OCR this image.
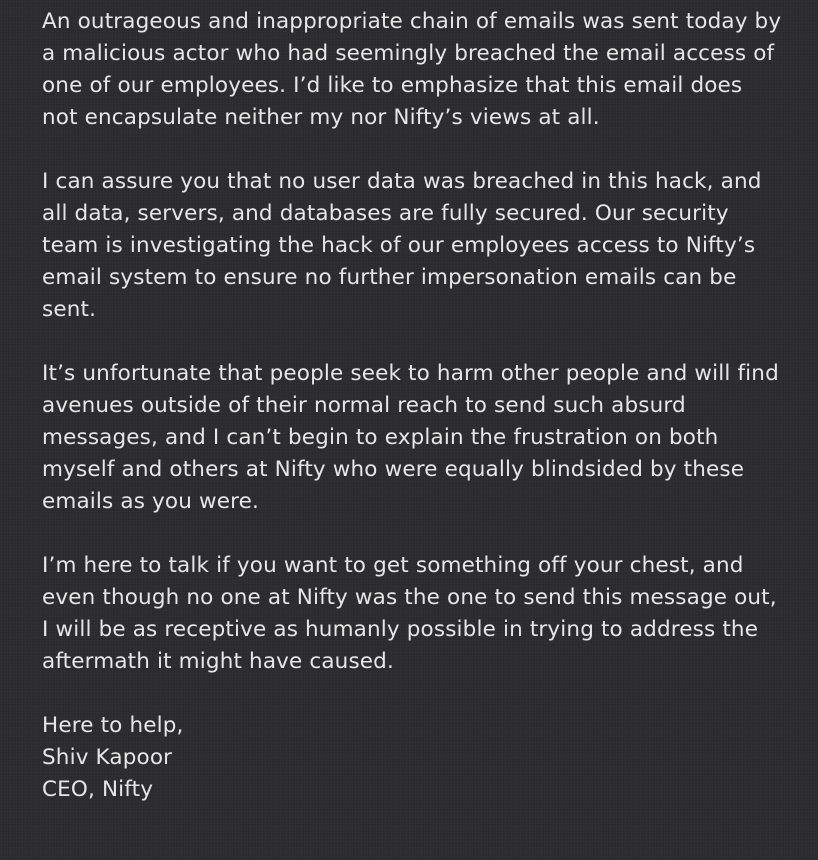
An outrageous and inappropriate chain of emails was sent today by a malicious actor who had seemingly breached the email access of one of our employees. I’d like to emphasize that this email does not encapsulate neither my nor Nifty’s views at all.

I can assure you that no user data was breached in this hack, and all data, servers, and databases are fully secured. Our security team is investigating the hack of our employees access to Nifty’s email system to ensure no further impersonation emails can be sent.

It’s unfortunate that people seek to harm other people and will find avenues outside of their normal reach to send such absurd messages, and I can’t begin to explain the frustration on both myself and others at Nifty who were equally blindsided by these emails as you were.

I’m here to talk if you want to get something off your chest, and even though no one at Nifty was the one to send this message out, I will be as receptive as humanly possible in trying to address the aftermath it might have caused.

Here to help,
Shiv Kapoor
CEO, Nifty
